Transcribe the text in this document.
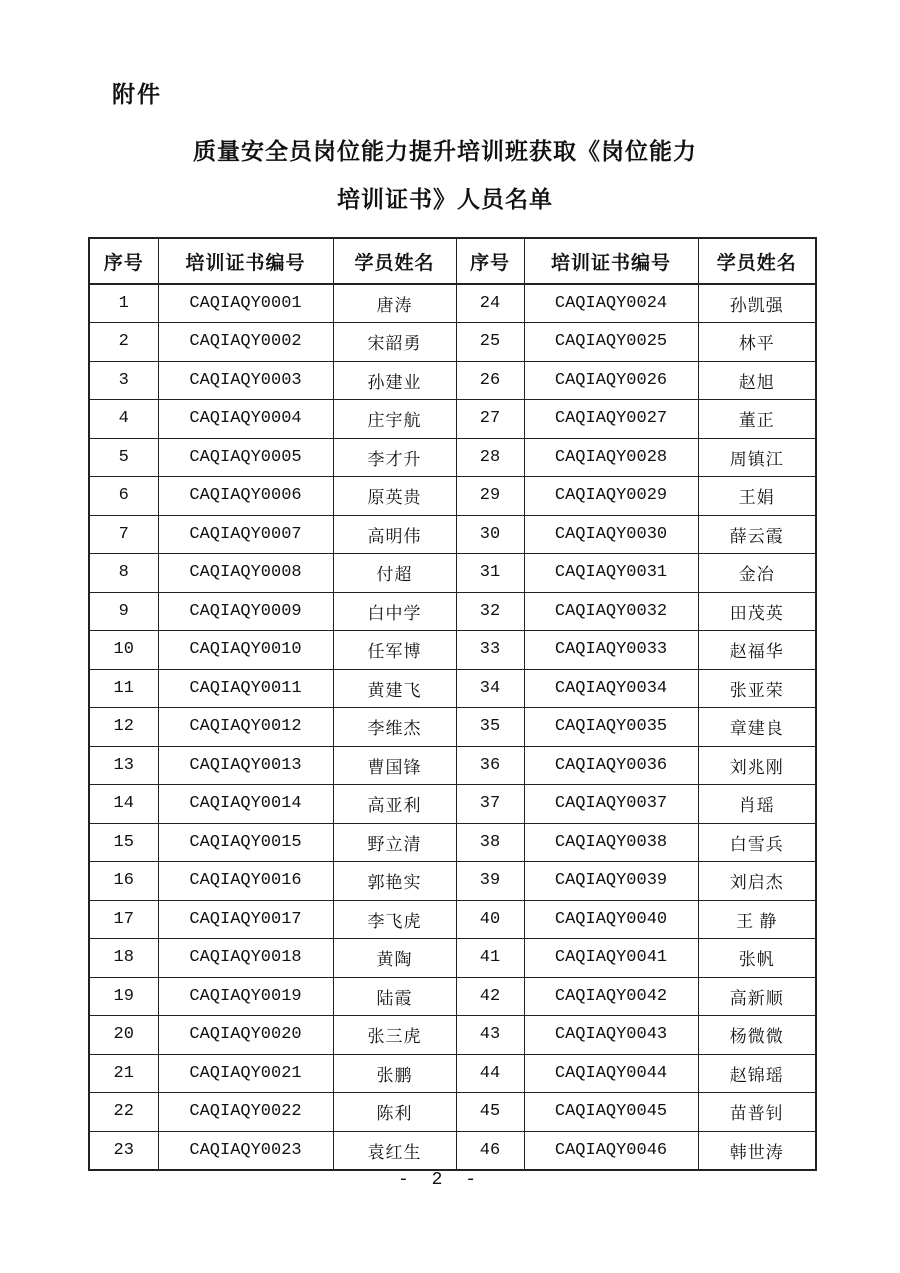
附件
质量安全员岗位能力提升培训班获取《岗位能力
培训证书》人员名单
序号	培训证书编号	学员姓名	序号	培训证书编号	学员姓名
1	CAQIAQY0001	唐涛	24	CAQIAQY0024	孙凯强
2	CAQIAQY0002	宋韶勇	25	CAQIAQY0025	林平
3	CAQIAQY0003	孙建业	26	CAQIAQY0026	赵旭
4	CAQIAQY0004	庄宇航	27	CAQIAQY0027	董正
5	CAQIAQY0005	李才升	28	CAQIAQY0028	周镇江
6	CAQIAQY0006	原英贵	29	CAQIAQY0029	王娟
7	CAQIAQY0007	高明伟	30	CAQIAQY0030	薛云霞
8	CAQIAQY0008	付超	31	CAQIAQY0031	金冶
9	CAQIAQY0009	白中学	32	CAQIAQY0032	田茂英
10	CAQIAQY0010	任军博	33	CAQIAQY0033	赵福华
11	CAQIAQY0011	黄建飞	34	CAQIAQY0034	张亚荣
12	CAQIAQY0012	李维杰	35	CAQIAQY0035	章建良
13	CAQIAQY0013	曹国锋	36	CAQIAQY0036	刘兆刚
14	CAQIAQY0014	高亚利	37	CAQIAQY0037	肖瑶
15	CAQIAQY0015	野立清	38	CAQIAQY0038	白雪兵
16	CAQIAQY0016	郭艳实	39	CAQIAQY0039	刘启杰
17	CAQIAQY0017	李飞虎	40	CAQIAQY0040	王 静
18	CAQIAQY0018	黄陶	41	CAQIAQY0041	张帆
19	CAQIAQY0019	陆霞	42	CAQIAQY0042	高新顺
20	CAQIAQY0020	张三虎	43	CAQIAQY0043	杨微微
21	CAQIAQY0021	张鹏	44	CAQIAQY0044	赵锦瑶
22	CAQIAQY0022	陈利	45	CAQIAQY0045	苗普钊
23	CAQIAQY0023	袁红生	46	CAQIAQY0046	韩世涛
- 2 -
